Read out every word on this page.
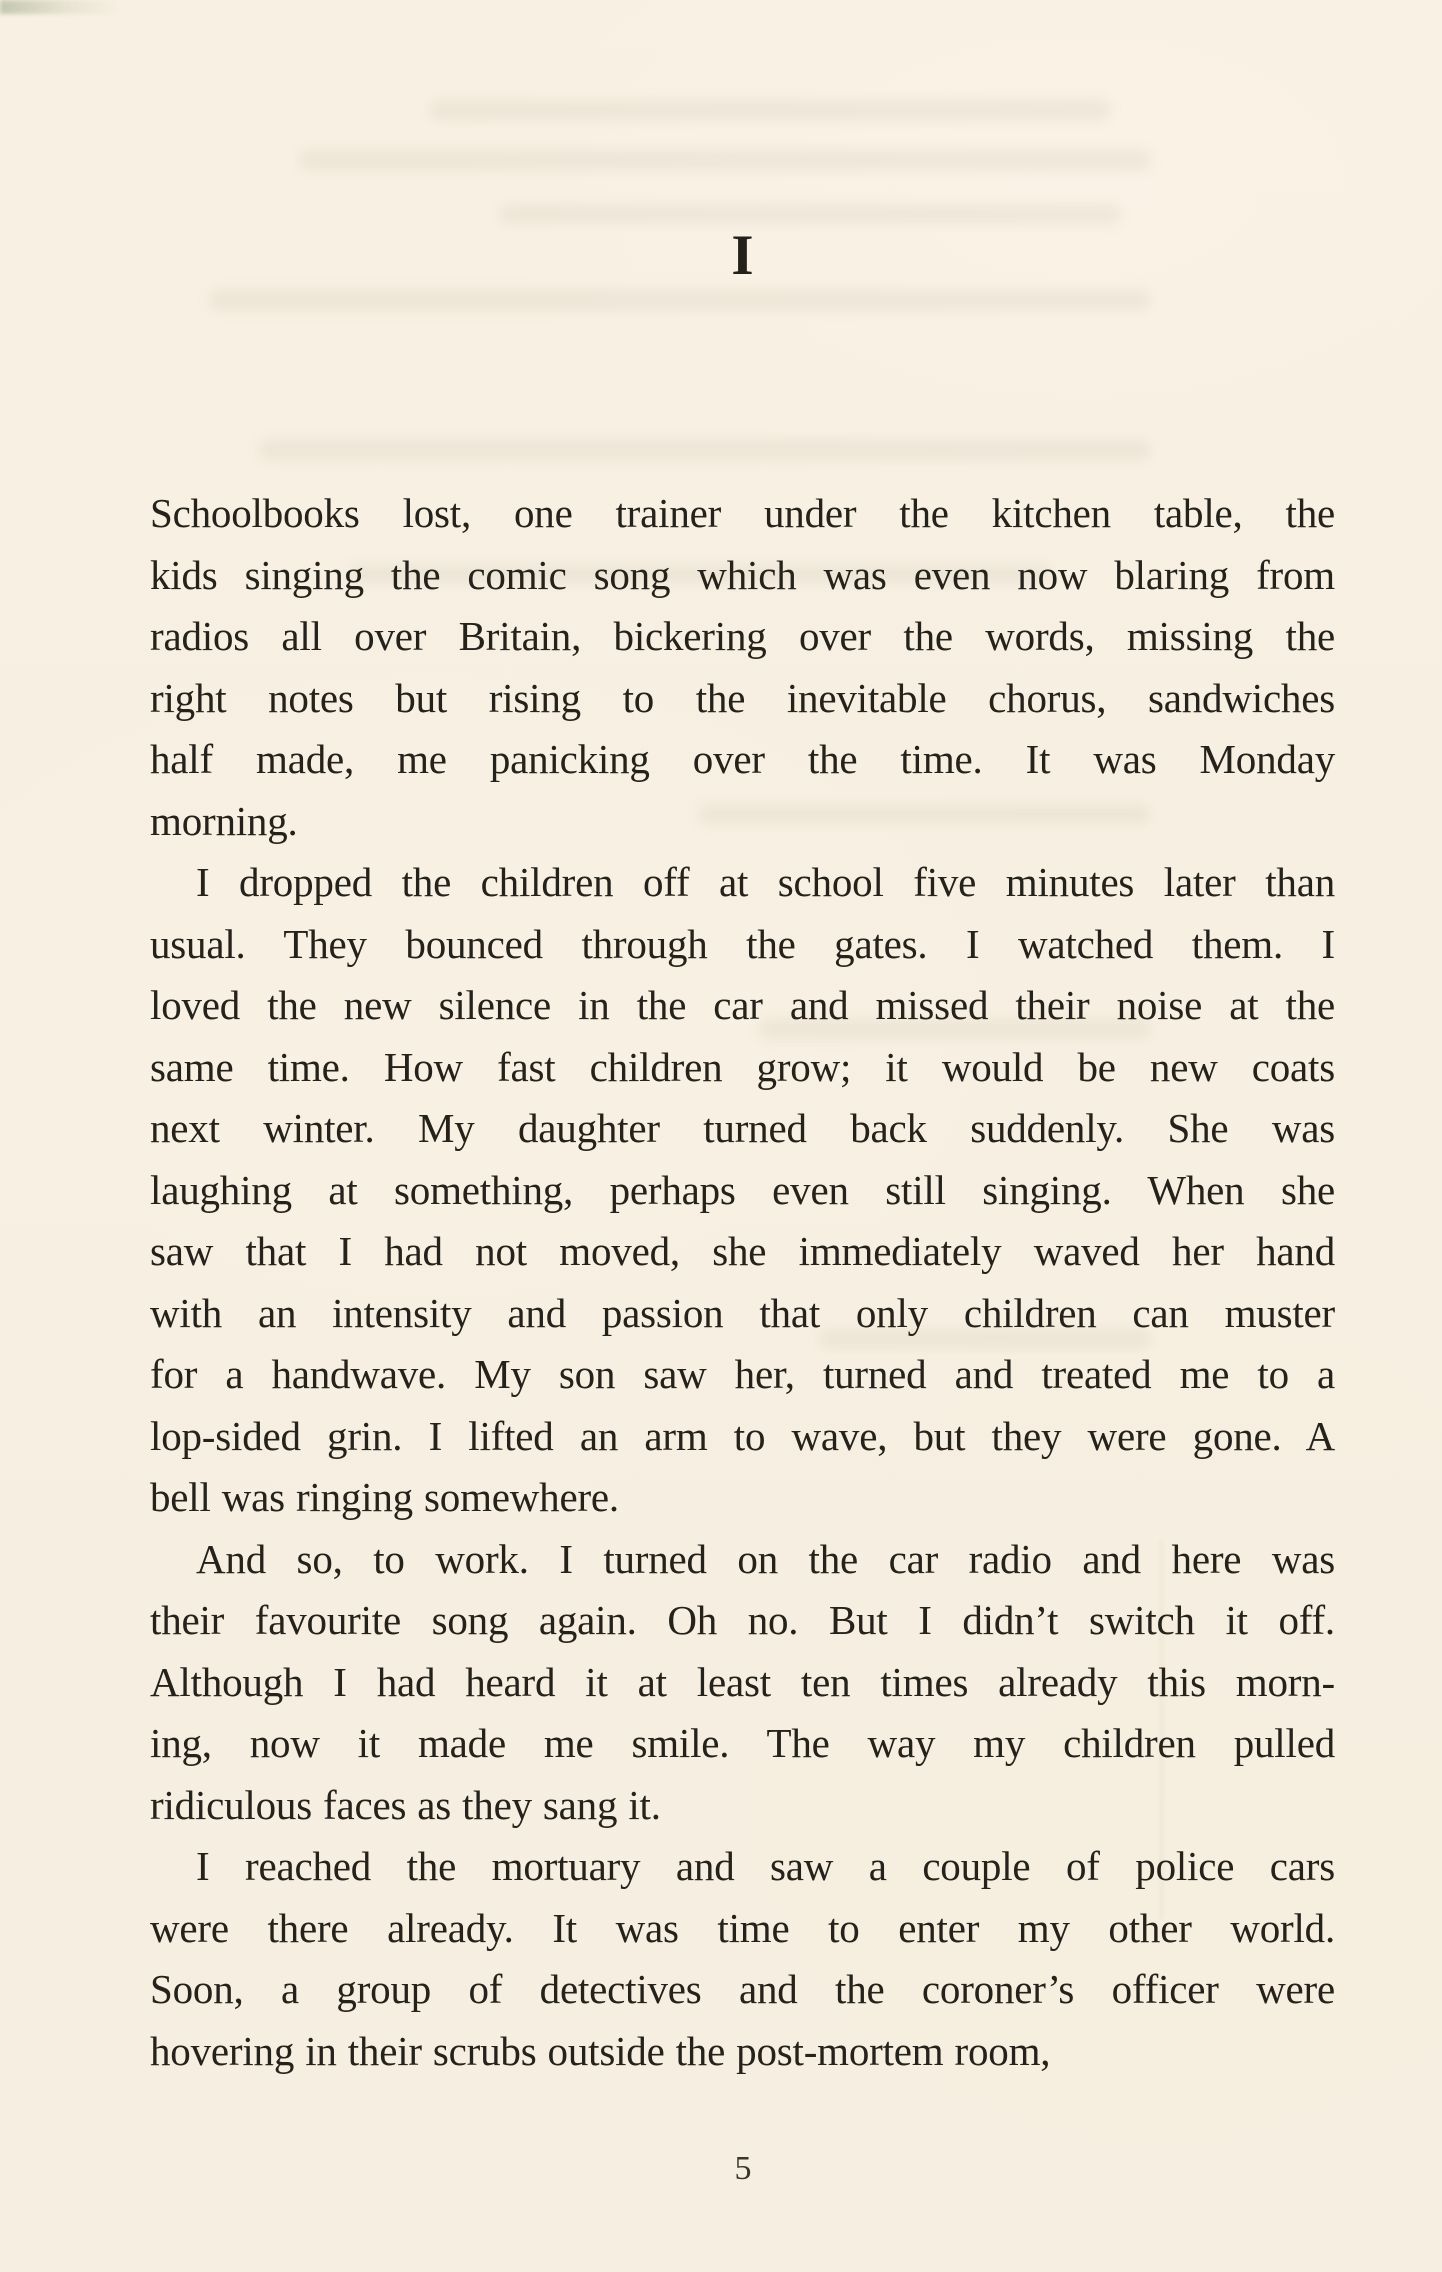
I
Schoolbooks lost, one trainer under the kitchen table, the
kids singing the comic song which was even now blaring from
radios all over Britain, bickering over the words, missing the
right notes but rising to the inevitable chorus, sandwiches
half made, me panicking over the time. It was Monday
morning.
I dropped the children off at school five minutes later than
usual. They bounced through the gates. I watched them. I
loved the new silence in the car and missed their noise at the
same time. How fast children grow; it would be new coats
next winter. My daughter turned back suddenly. She was
laughing at something, perhaps even still singing. When she
saw that I had not moved, she immediately waved her hand
with an intensity and passion that only children can muster
for a handwave. My son saw her, turned and treated me to a
lop-sided grin. I lifted an arm to wave, but they were gone. A
bell was ringing somewhere.
And so, to work. I turned on the car radio and here was
their favourite song again. Oh no. But I didn’t switch it off.
Although I had heard it at least ten times already this morn-
ing, now it made me smile. The way my children pulled
ridiculous faces as they sang it.
I reached the mortuary and saw a couple of police cars
were there already. It was time to enter my other world.
Soon, a group of detectives and the coroner’s officer were
hovering in their scrubs outside the post-mortem room,
5
